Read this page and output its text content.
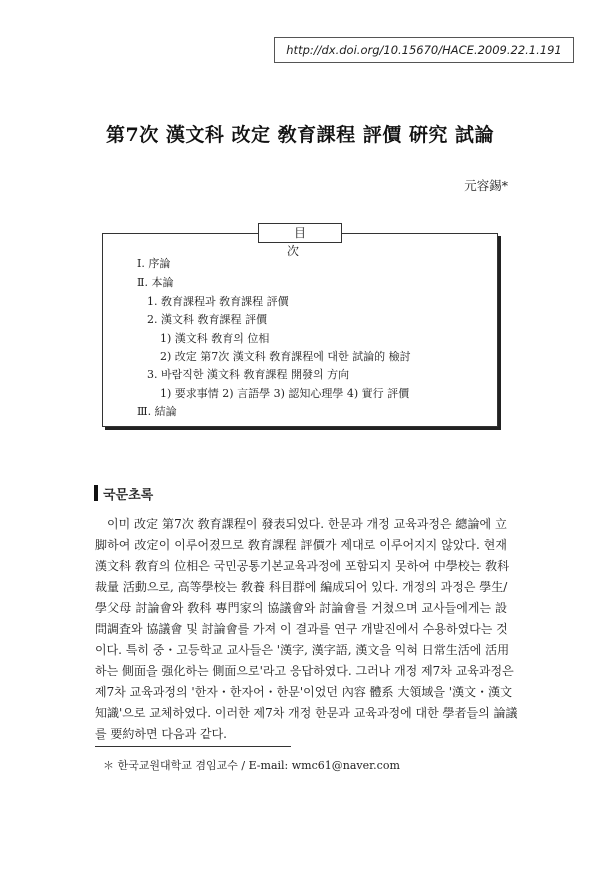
http://dx.doi.org/10.15670/HACE.2009.22.1.191
第7次 漢文科 改定 敎育課程 評價 硏究 試論
元容錫*
目 次
Ⅰ. 序論
Ⅱ. 本論
1. 敎育課程과 敎育課程 評價
2. 漢文科 敎育課程 評價
1) 漢文科 敎育의 位相
2) 改定 第7次 漢文科 敎育課程에 대한 試論的 檢討
3. 바람직한 漢文科 敎育課程 開發의 方向
1) 要求事情 2) 言語學 3) 認知心理學 4) 實行 評價
Ⅲ. 結論
국문초록
이미 改定 第7次 敎育課程이 發表되었다. 한문과 개정 교육과정은 總論에 立
脚하여 改定이 이루어졌므로 敎育課程 評價가 제대로 이루어지지 않았다. 현재
漢文科 敎育의 位相은 국민공통기본교육과정에 포함되지 못하여 中學校는 敎科
裁量 活動으로, 高等學校는 敎養 科目群에 編成되어 있다. 개정의 과정은 學生/
學父母 討論會와 敎科 專門家의 協議會와 討論會를 거쳤으며 교사들에게는 設
問調査와 協議會 및 討論會를 가져 이 결과를 연구 개발진에서 수용하였다는 것
이다. 특히 중・고등학교 교사들은 '漢字, 漢字語, 漢文을 익혀 日常生活에 活用
하는 側面을 强化하는 側面으로'라고 응답하였다. 그러나 개정 제7차 교육과정은
제7차 교육과정의 '한자・한자어・한문'이었던 內容 體系 大領域을 '漢文・漢文
知識'으로 교체하였다. 이러한 제7차 개정 한문과 교육과정에 대한 學者들의 論議
를 要約하면 다음과 같다.
＊ 한국교원대학교 겸임교수 / E-mail: wmc61@naver.com
